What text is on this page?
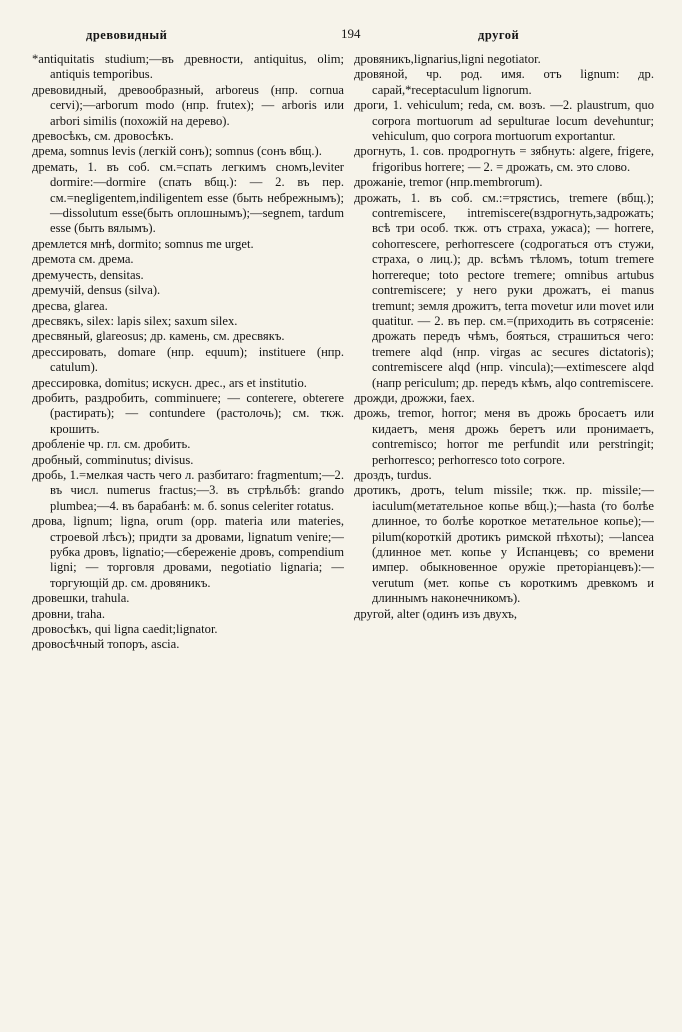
древовидный	194	другой

*antiquitatis studium;—въ древности, antiquitus, olim; antiquis temporibus.

древовидный, древообразный, arboreus (нпр. cornua cervi);—arborum modo (нпр. frutex); — arboris или arbori similis (похожій на дерево).

древосѣкъ, см. дровосѣкъ.

дрема, somnus levis (легкій сонъ); somnus (сонъ вбщ.).

дремать, 1. въ соб. см.=спать легкимъ сномъ,leviter dormire:—dormire (спать вбщ.): — 2. въ пер. см.=negligentem,indiligentem esse (быть небрежнымъ);—dissolutum esse(быть оплошнымъ);—segnem, tardum esse (быть вялымъ).

дремлется мнѣ, dormito; somnus me urget.

дремота см. дрема.

дремучесть, densitas.

дремучій, densus (silva).

дресва, glarea.

дресвякъ, silex: lapis silex; saxum silex.

дресвяный, glareosus; др. камень, см. дресвякъ.

дрессировать, domare (нпр. equum); instituere (нпр. catulum).

дрессировка, domitus; искусн. дрес., ars et institutio.

дробить, раздробить, comminuere; — conterere, obterere (растирать); — contundere (растолочь); см. ткж. крошить.

дробленіе чр. гл. см. дробить.

дробный, comminutus; divisus.

дробь, 1.=мелкая часть чего л. разбитаго: fragmentum;—2. въ числ. numerus fractus;—3. въ стрѣльбѣ: grando plumbea;—4. въ барабанѣ: м. б. sonus celeriter rotatus.

дрова, lignum; ligna, orum (opp. materia или materies, строевой лѣсъ); придти за дровами, lignatum venire;—рубка дровъ, lignatio;—сбереженіе дровъ, compendium ligni; — торговля дровами, negotiatio lignaria; — торгующій др. см. дровяникъ.

дровешки, trahula.

дровни, traha.

дровосѣкъ, qui ligna caedit;lignator.

дровосѣчный топоръ, ascia.

дровяникъ,lignarius,ligni negotiator.

дровяной, чр. род. имя. отъ lignum: др. сарай,*receptaculum lignorum.

дроги, 1. vehiculum; reda, см. возъ. —2. plaustrum, quo corpora mortuorum ad sepulturae locum devehuntur; vehiculum, quo corpora mortuorum exportantur.

дрогнуть, 1. сов. продрогнуть = зябнуть: algere, frigere, frigoribus horrere; — 2. = дрожать, см. это слово.

дрожаніе, tremor (нпр.membrorum).

дрожать, 1. въ соб. см.:=трястись, tremere (вбщ.); contremiscere, intremiscere(вздрогнуть,задрожать; всѣ три особ. ткж. отъ страха, ужаса); — horrere, cohorrescere, perhorrescere (содрогаться отъ стужи, страха, о лиц.); др. всѣмъ тѣломъ, totum tremere horrereque; toto pectore tremere; omnibus artubus contremiscere; у него руки дрожатъ, ei manus tremunt; земля дрожитъ, terra movetur или movet или quatitur. — 2. въ пер. см.=(приходить въ сотрясеніе: дрожать передъ чѣмъ, бояться, страшиться чего: tremere alqd (нпр. virgas ac secures dictatoris); contremiscere alqd (нпр. vincula);—extimescere alqd (напр periculum; др. передъ кѣмъ, alqo contremiscere.

дрожди, дрожжи, faex.

дрожь, tremor, horror; меня въ дрожь бросаетъ или кидаетъ, меня дрожь беретъ или пронимаетъ, contremisco; horror me perfundit или perstringit; perhorresco; perhorresco toto corpore.

дроздъ, turdus.

дротикъ, дротъ, telum missile; ткж. пр. missile;—iaculum(метательное копье вбщ.);—hasta (то болѣе длинное, то болѣе короткое метательное копье);—pilum(короткій дротикъ римской пѣхоты); —lancea (длинное мет. копье у Испанцевъ; со времени импер. обыкновенное оружіе преторіанцевъ):—verutum (мет. копье съ короткимъ древкомъ и длиннымъ наконечникомъ).

другой, alter (одинъ изъ двухъ,
